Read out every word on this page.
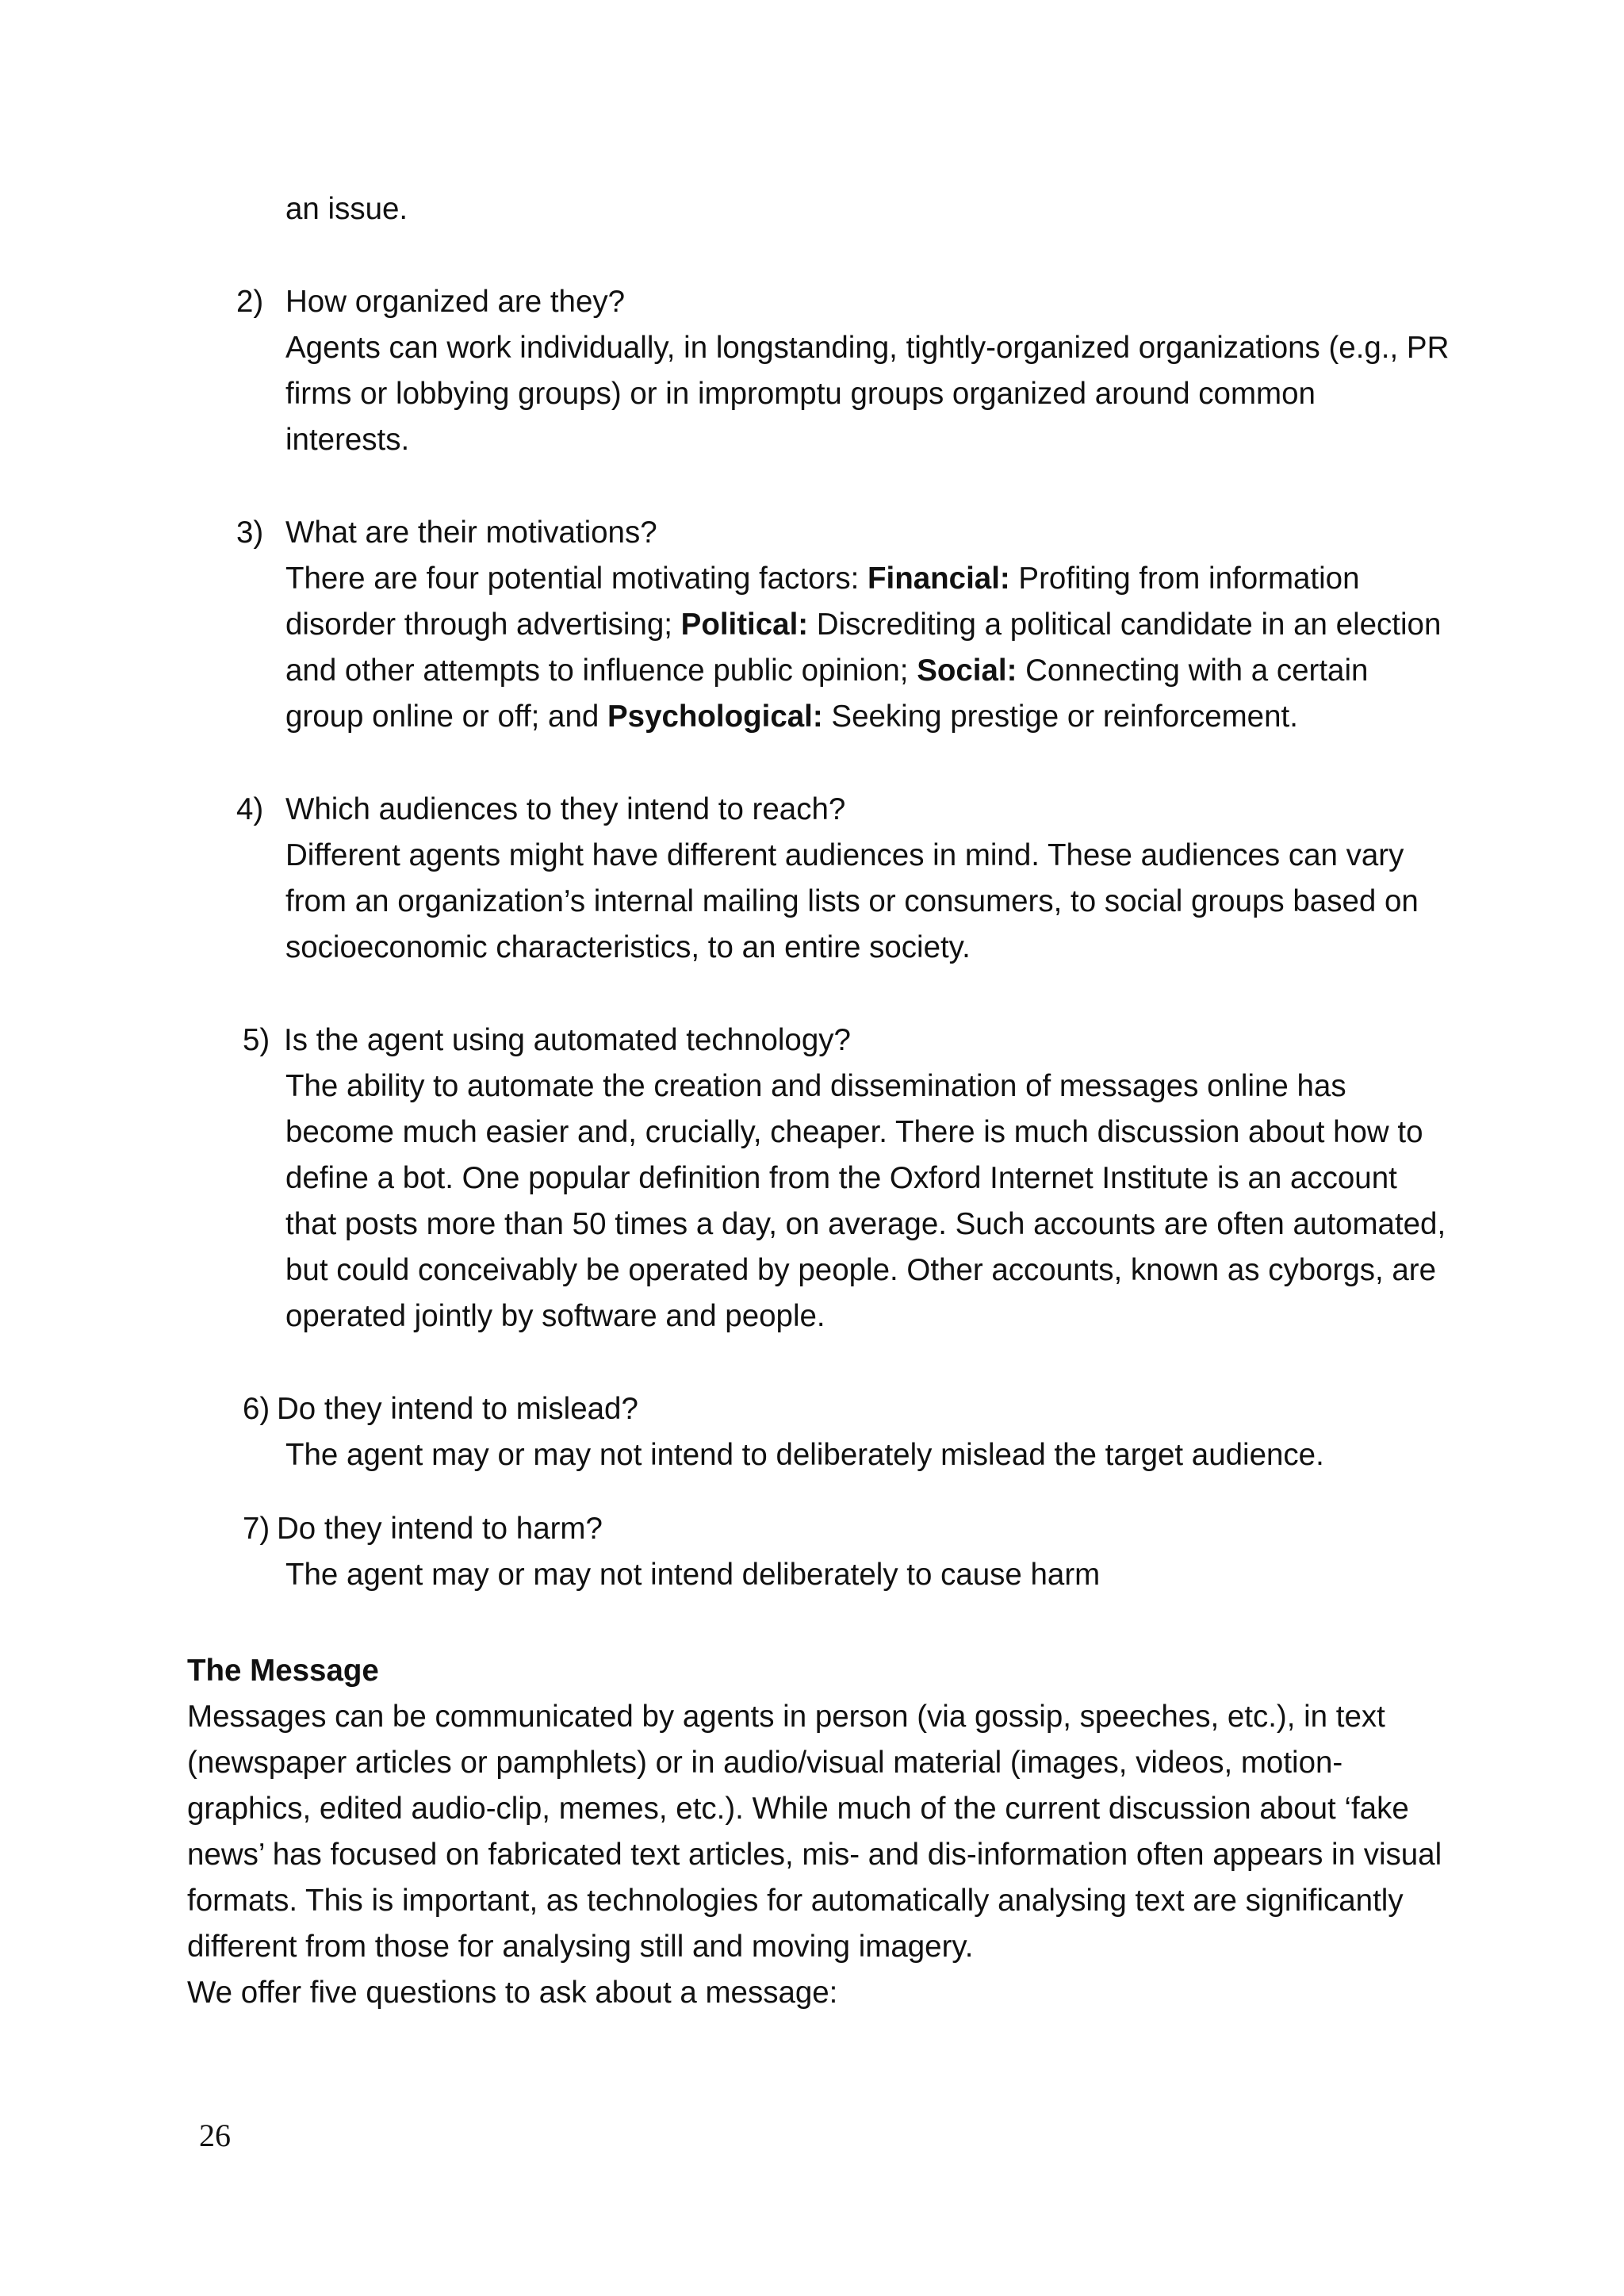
an issue.
2) How organized are they?
Agents can work individually, in longstanding, tightly-organized organizations (e.g., PR
firms or lobbying groups) or in impromptu groups organized around common
interests.
3) What are their motivations?
There are four potential motivating factors: Financial: Profiting from information
disorder through advertising; Political: Discrediting a political candidate in an election
and other attempts to influence public opinion; Social: Connecting with a certain
group online or off; and Psychological: Seeking prestige or reinforcement.
4) Which audiences to they intend to reach?
Different agents might have different audiences in mind. These audiences can vary
from an organization’s internal mailing lists or consumers, to social groups based on
socioeconomic characteristics, to an entire society.
5) Is the agent using automated technology?
The ability to automate the creation and dissemination of messages online has
become much easier and, crucially, cheaper. There is much discussion about how to
define a bot. One popular definition from the Oxford Internet Institute is an account
that posts more than 50 times a day, on average. Such accounts are often automated,
but could conceivably be operated by people. Other accounts, known as cyborgs, are
operated jointly by software and people.
6) Do they intend to mislead?
The agent may or may not intend to deliberately mislead the target audience.
7) Do they intend to harm?
The agent may or may not intend deliberately to cause harm
The Message
Messages can be communicated by agents in person (via gossip, speeches, etc.), in text
(newspaper articles or pamphlets) or in audio/visual material (images, videos, motion-
graphics, edited audio-clip, memes, etc.). While much of the current discussion about ‘fake
news’ has focused on fabricated text articles, mis- and dis-information often appears in visual
formats. This is important, as technologies for automatically analysing text are significantly
different from those for analysing still and moving imagery.
We offer five questions to ask about a message:
26
